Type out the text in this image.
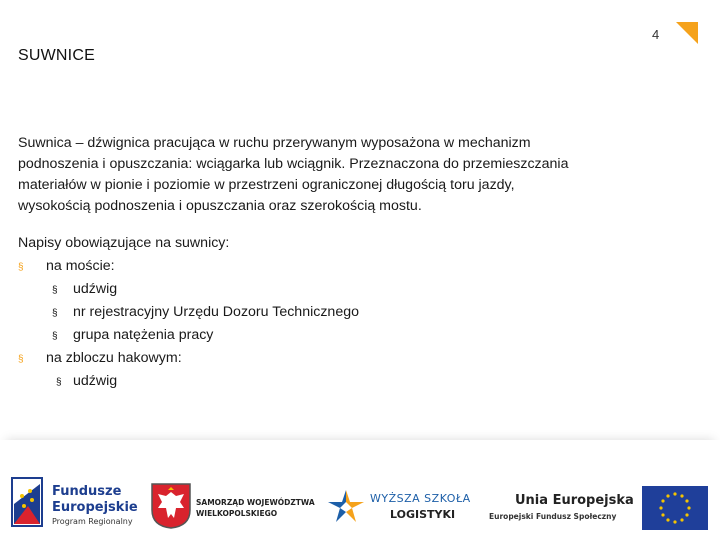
4
SUWNICE

Suwnica – dźwignica pracująca w ruchu przerywanym wyposażona w mechanizm
podnoszenia i opuszczania: wciągarka lub wciągnik. Przeznaczona do przemieszczania
materiałów w pionie i poziomie w przestrzeni ograniczonej długością toru jazdy,
wysokością podnoszenia i opuszczania oraz szerokością mostu.

Napisy obowiązujące na suwnicy:
§ na moście:
§ udźwig
§ nr rejestracyjny Urzędu Dozoru Technicznego
§ grupa natężenia pracy
§ na zbloczu hakowym:
§ udźwig
Fundusze
Europejskie
Program Regionalny
SAMORZĄD WOJEWÓDZTWA
WIELKOPOLSKIEGO
WYŻSZA SZKOŁA
LOGISTYKI
Unia Europejska
Europejski Fundusz Społeczny
